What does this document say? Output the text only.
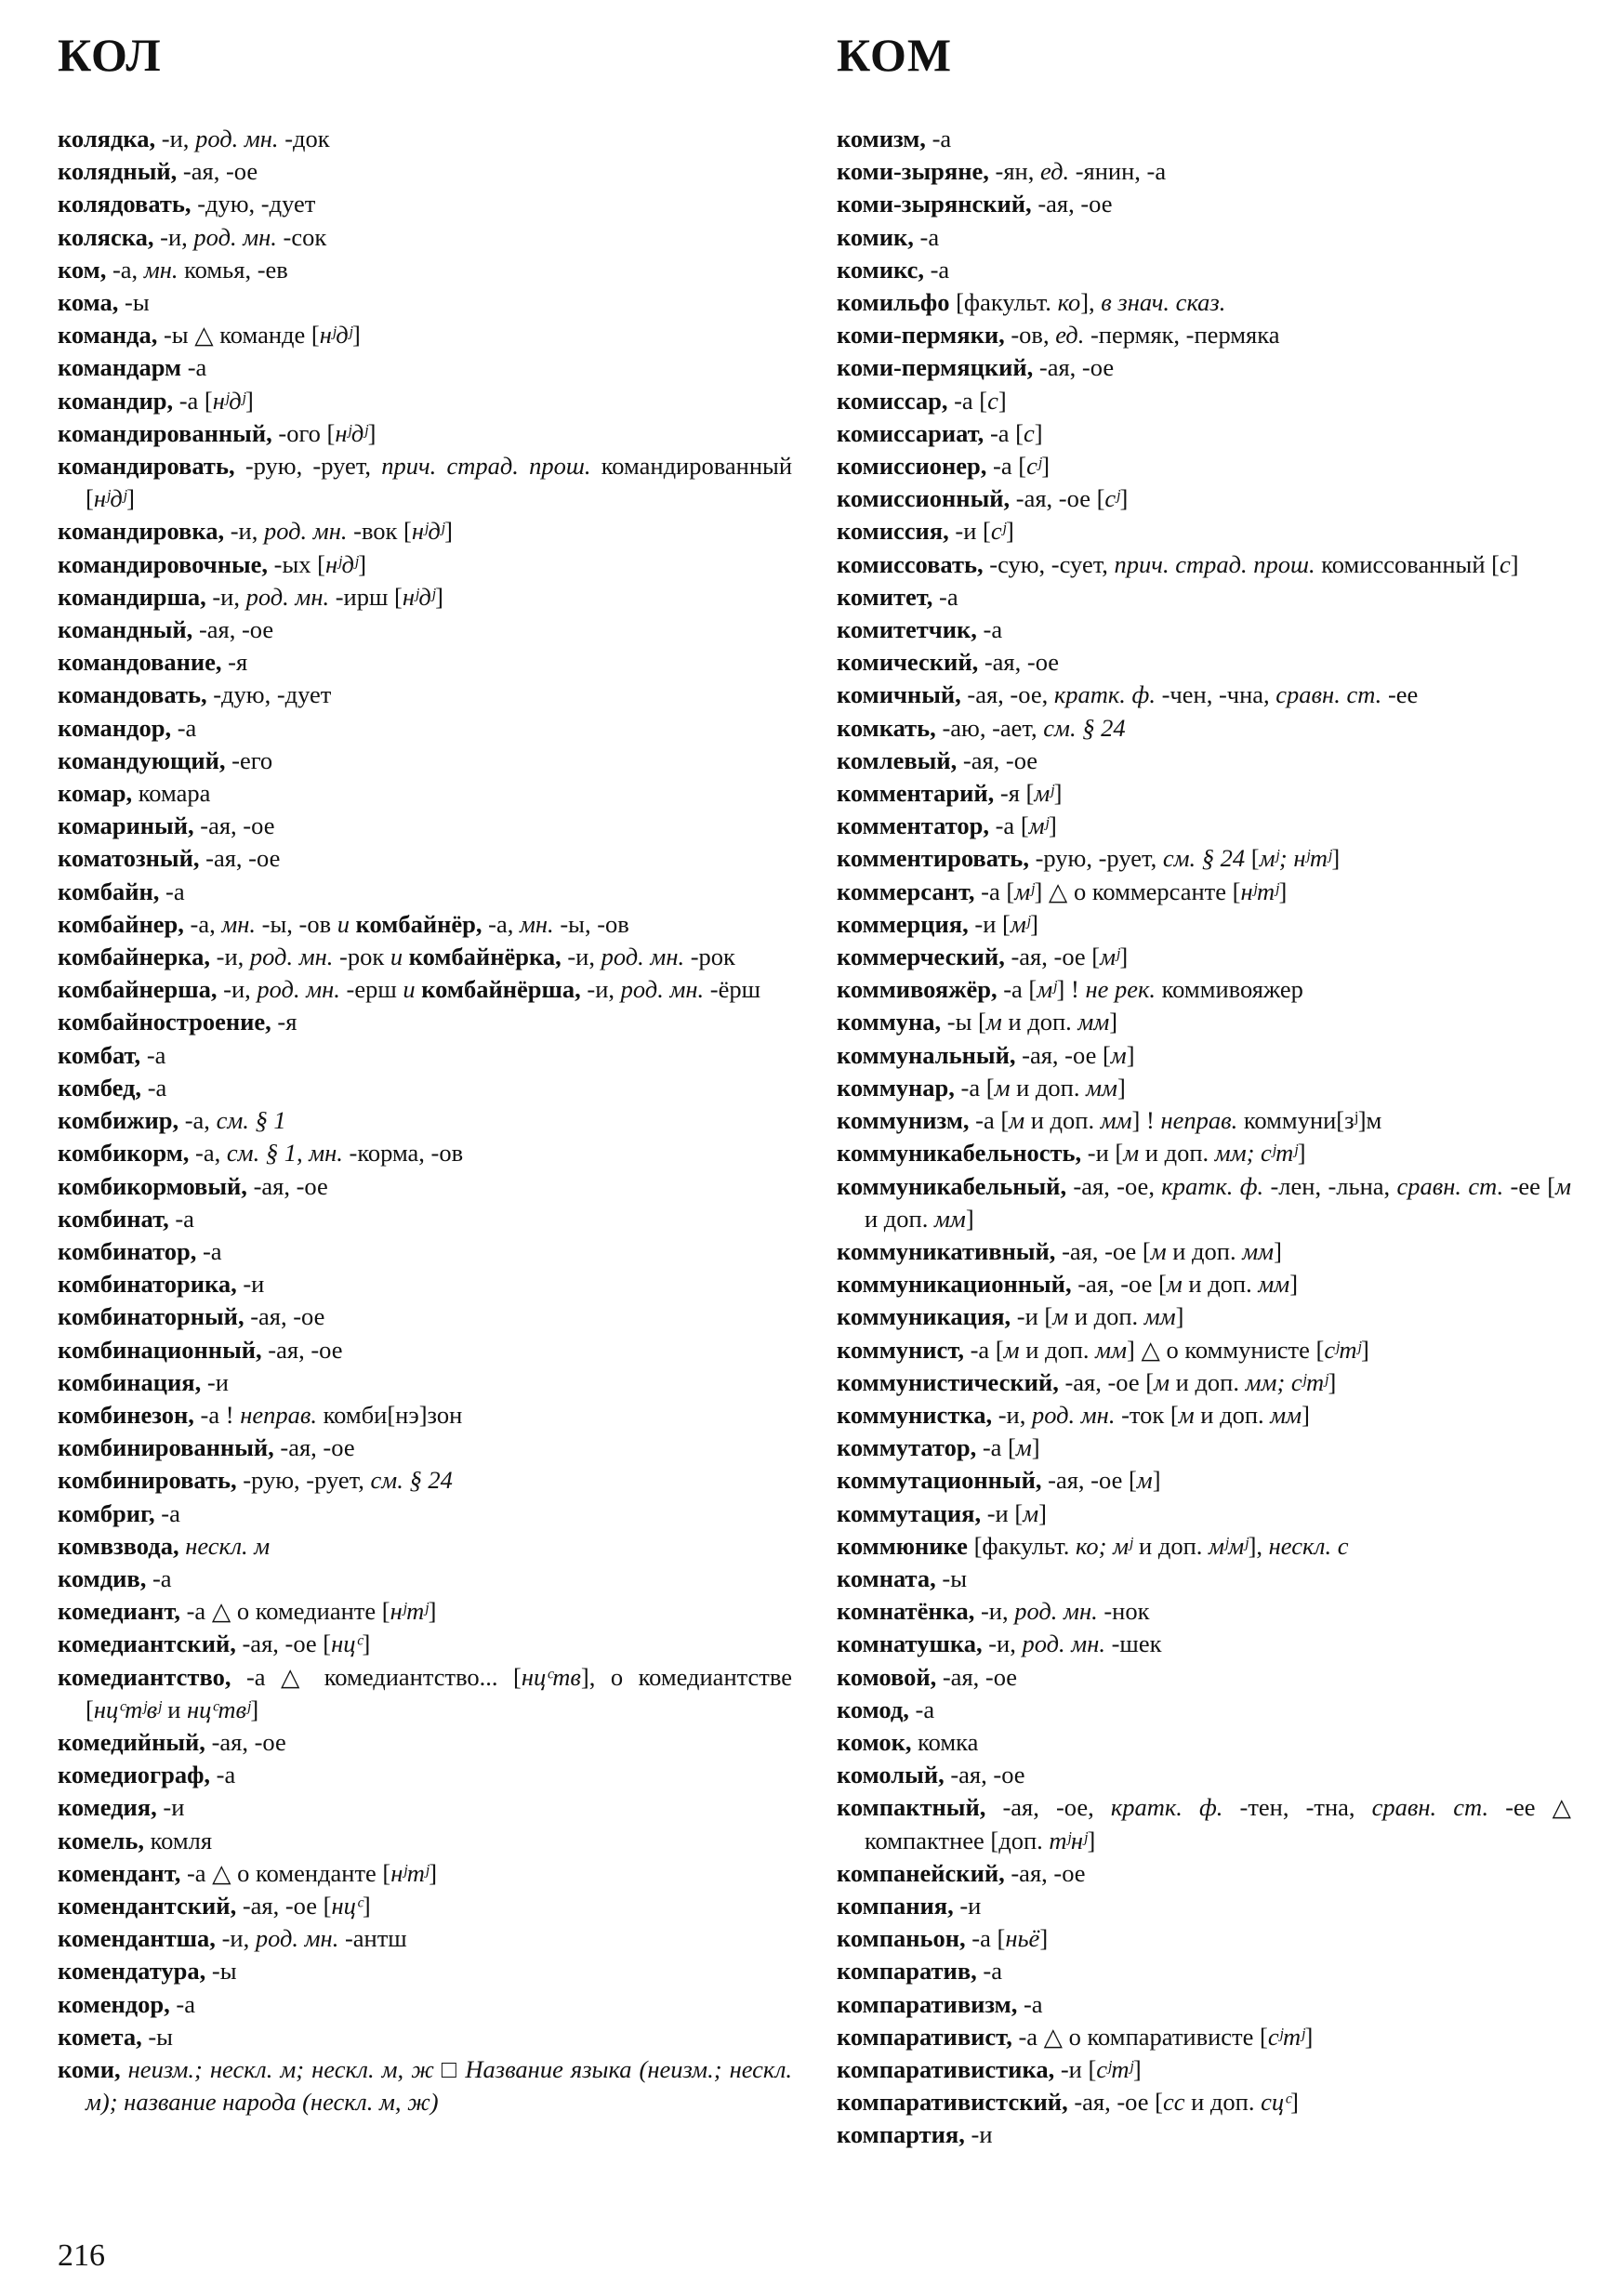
КОЛ	КОМ
колядка, -и, род. мн. -док
колядный, -ая, -ое
колядовать, -дую, -дует
коляска, -и, род. мн. -сок
ком, -а, мн. комья, -ев
кома, -ы
команда, -ы △ команде [нʲдʲ]
командарм -а
командир, -а [нʲдʲ]
командированный, -ого [нʲдʲ]
командировать, -рую, -рует, прич. страд. прош. командированный [нʲдʲ]
командировка, -и, род. мн. -вок [нʲдʲ]
командировочные, -ых [нʲдʲ]
командирша, -и, род. мн. -ирш [нʲдʲ]
командный, -ая, -ое
командование, -я
командовать, -дую, -дует
командор, -а
командующий, -его
комар, комара
комариный, -ая, -ое
коматозный, -ая, -ое
комбайн, -а
комбайнер, -а, мн. -ы, -ов и комбайнёр, -а, мн. -ы, -ов
комбайнерка, -и, род. мн. -рок и комбайнёрка, -и, род. мн. -рок
комбайнерша, -и, род. мн. -ерш и комбайнёрша, -и, род. мн. -ёрш
комбайностроение, -я
комбат, -а
комбед, -а
комбижир, -а, см. § 1
комбикорм, -а, см. § 1, мн. -корма, -ов
комбикормовый, -ая, -ое
комбинат, -а
комбинатор, -а
комбинаторика, -и
комбинаторный, -ая, -ое
комбинационный, -ая, -ое
комбинация, -и
комбинезон, -а ! неправ. комби[нэ]зон
комбинированный, -ая, -ое
комбинировать, -рую, -рует, см. § 24
комбриг, -а
комвзвода, нескл. м
комдив, -а
комедиант, -а △ о комедианте [нʲтʲ]
комедиантский, -ая, -ое [нцᶜ]
комедиантство, -а △ комедиантство... [нцᶜтв], о комедиантстве [нцᶜтʲвʲ и нцᶜтвʲ]
комедийный, -ая, -ое
комедиограф, -а
комедия, -и
комель, комля
комендант, -а △ о коменданте [нʲтʲ]
комендантский, -ая, -ое [нцᶜ]
комендантша, -и, род. мн. -антш
комендатура, -ы
комендор, -а
комета, -ы
коми, неизм.; нескл. м; нескл. м, ж □ Название языка (неизм.; нескл. м); название народа (нескл. м, ж)
комизм, -а
коми-зыряне, -ян, ед. -янин, -а
коми-зырянский, -ая, -ое
комик, -а
комикс, -а
комильфо [факульт. ко], в знач. сказ.
коми-пермяки, -ов, ед. -пермяк, -пермяка
коми-пермяцкий, -ая, -ое
комиссар, -а [с]
комиссариат, -а [с]
комиссионер, -а [сʲ]
комиссионный, -ая, -ое [сʲ]
комиссия, -и [сʲ]
комиссовать, -сую, -сует, прич. страд. прош. комиссованный [с]
комитет, -а
комитетчик, -а
комический, -ая, -ое
комичный, -ая, -ое, кратк. ф. -чен, -чна, сравн. ст. -ее
комкать, -аю, -ает, см. § 24
комлевый, -ая, -ое
комментарий, -я [мʲ]
комментатор, -а [мʲ]
комментировать, -рую, -рует, см. § 24 [мʲ; нʲтʲ]
коммерсант, -а [мʲ] △ о коммерсанте [нʲтʲ]
коммерция, -и [мʲ]
коммерческий, -ая, -ое [мʲ]
коммивояжёр, -а [мʲ] ! не рек. коммивояжер
коммуна, -ы [м и доп. мм]
коммунальный, -ая, -ое [м]
коммунар, -а [м и доп. мм]
коммунизм, -а [м и доп. мм] ! неправ. коммуни[зʲ]м
коммуникабельность, -и [м и доп. мм; сʲтʲ]
коммуникабельный, -ая, -ое, кратк. ф. -лен, -льна, сравн. ст. -ее [м и доп. мм]
коммуникативный, -ая, -ое [м и доп. мм]
коммуникационный, -ая, -ое [м и доп. мм]
коммуникация, -и [м и доп. мм]
коммунист, -а [м и доп. мм] △ о коммунисте [сʲтʲ]
коммунистический, -ая, -ое [м и доп. мм; сʲтʲ]
коммунистка, -и, род. мн. -ток [м и доп. мм]
коммутатор, -а [м]
коммутационный, -ая, -ое [м]
коммутация, -и [м]
коммюнике [факульт. ко; мʲ и доп. мʲмʲ], нескл. с
комната, -ы
комнатёнка, -и, род. мн. -нок
комнатушка, -и, род. мн. -шек
комовой, -ая, -ое
комод, -а
комок, комка
комолый, -ая, -ое
компактный, -ая, -ое, кратк. ф. -тен, -тна, сравн. ст. -ее △ компактнее [доп. тʲнʲ]
компанейский, -ая, -ое
компания, -и
компаньон, -а [ньё]
компаратив, -а
компаративизм, -а
компаративист, -а △ о компаративисте [сʲтʲ]
компаративистика, -и [сʲтʲ]
компаративистский, -ая, -ое [сс и доп. сцᶜ]
компартия, -и
216
